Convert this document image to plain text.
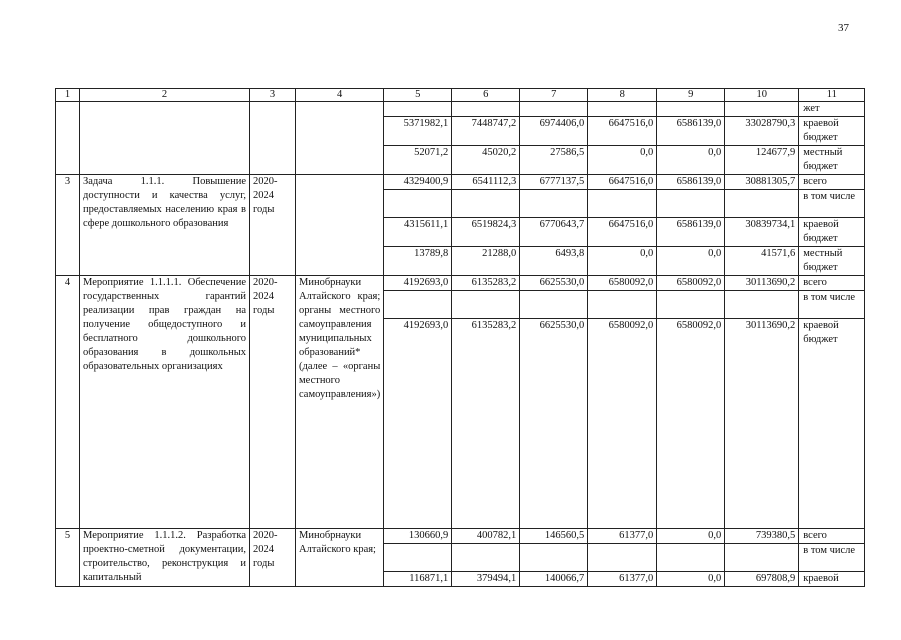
37
1	2	3	4	5	6	7	8	9	10	11
										жет
				5371982,1	7448747,2	6974406,0	6647516,0	6586139,0	33028790,3	краевой бюджет
				52071,2	45020,2	27586,5	0,0	0,0	124677,9	местный бюджет
3	Задача 1.1.1. Повышение доступности и качества услуг, предоставляемых населению края в сфере дошкольного образования	2020-2024 годы		4329400,9	6541112,3	6777137,5	6647516,0	6586139,0	30881305,7	всего
										в том числе
				4315611,1	6519824,3	6770643,7	6647516,0	6586139,0	30839734,1	краевой бюджет
				13789,8	21288,0	6493,8	0,0	0,0	41571,6	местный бюджет
4	Мероприятие 1.1.1.1. Обеспечение государственных гарантий реализации прав граждан на получение общедоступного и бесплатного дошкольного образования в дошкольных образовательных организациях	2020-2024 годы	Минобрнауки Алтайского края; органы местного самоуправления муниципальных образований* (далее – «органы местного самоуправления»)	4192693,0	6135283,2	6625530,0	6580092,0	6580092,0	30113690,2	всего
										в том числе
				4192693,0	6135283,2	6625530,0	6580092,0	6580092,0	30113690,2	краевой бюджет
5	Мероприятие 1.1.1.2. Разработка проектно-сметной документации, строительство, реконструкция и капитальный	2020-2024 годы	Минобрнауки Алтайского края;	130660,9	400782,1	146560,5	61377,0	0,0	739380,5	всего
										в том числе
				116871,1	379494,1	140066,7	61377,0	0,0	697808,9	краевой
